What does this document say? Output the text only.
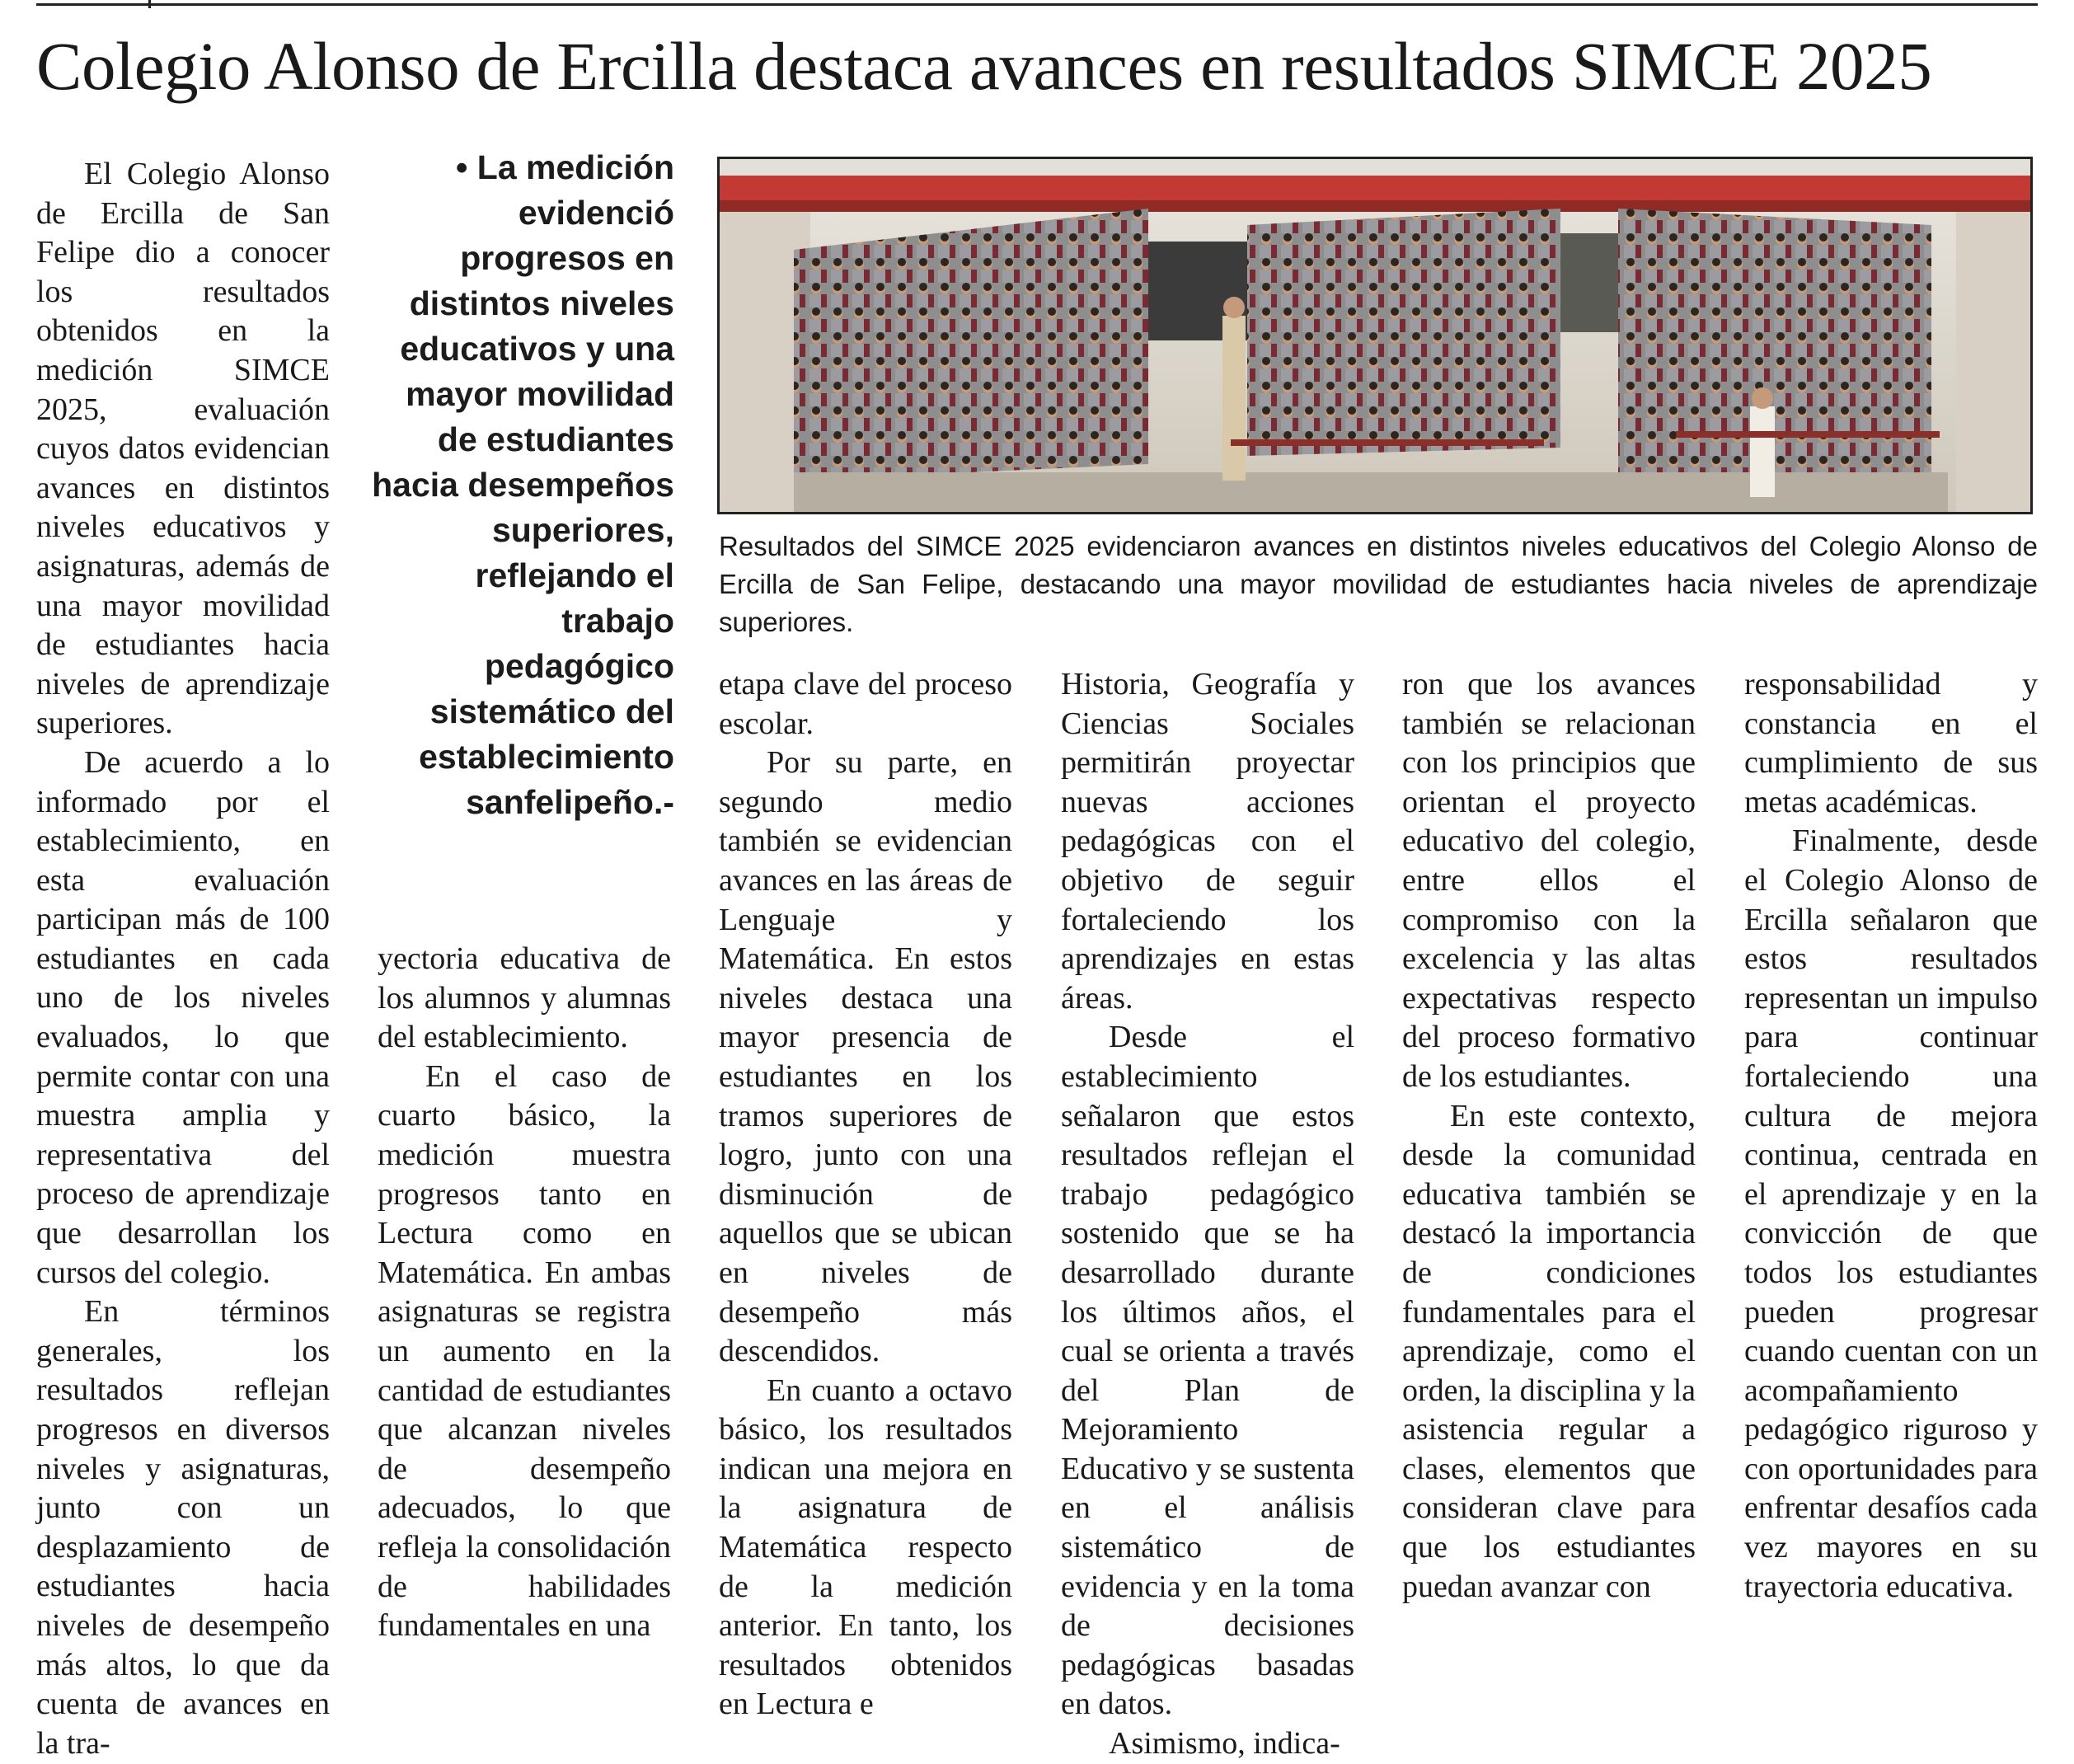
Colegio Alonso de Ercilla destaca avances en resultados SIMCE 2025

El Colegio Alonso de Ercilla de San Felipe dio a conocer los resultados obtenidos en la medición SIMCE 2025, evaluación cuyos datos evidencian avances en distintos niveles educativos y asignaturas, además de una mayor movilidad de estudiantes hacia niveles de aprendizaje superiores.

De acuerdo a lo informado por el establecimiento, en esta evaluación participan más de 100 estudiantes en cada uno de los niveles evaluados, lo que permite contar con una muestra amplia y representativa del proceso de aprendizaje que desarrollan los cursos del colegio.

En términos generales, los resultados reflejan progresos en diversos niveles y asignaturas, junto con un desplazamiento de estudiantes hacia niveles de desempeño más altos, lo que da cuenta de avances en la tra-

• La medición evidenció progresos en distintos niveles educativos y una mayor movilidad de estudiantes hacia desempeños superiores, reflejando el trabajo pedagógico sistemático del establecimiento sanfelipeño.-

yectoria educativa de los alumnos y alumnas del establecimiento.

En el caso de cuarto básico, la medición muestra progresos tanto en Lectura como en Matemática. En ambas asignaturas se registra un aumento en la cantidad de estudiantes que alcanzan niveles de desempeño adecuados, lo que refleja la consolidación de habilidades fundamentales en una

Resultados del SIMCE 2025 evidenciaron avances en distintos niveles educativos del Colegio Alonso de Ercilla de San Felipe, destacando una mayor movilidad de estudiantes hacia niveles de aprendizaje superiores.

etapa clave del proceso escolar.

Por su parte, en segundo medio también se evidencian avances en las áreas de Lenguaje y Matemática. En estos niveles destaca una mayor presencia de estudiantes en los tramos superiores de logro, junto con una disminución de aquellos que se ubican en niveles de desempeño más descendidos.

En cuanto a octavo básico, los resultados indican una mejora en la asignatura de Matemática respecto de la medición anterior. En tanto, los resultados obtenidos en Lectura e

Historia, Geografía y Ciencias Sociales permitirán proyectar nuevas acciones pedagógicas con el objetivo de seguir fortaleciendo los aprendizajes en estas áreas.

Desde el establecimiento señalaron que estos resultados reflejan el trabajo pedagógico sostenido que se ha desarrollado durante los últimos años, el cual se orienta a través del Plan de Mejoramiento Educativo y se sustenta en el análisis sistemático de evidencia y en la toma de decisiones pedagógicas basadas en datos.

Asimismo, indica-

ron que los avances también se relacionan con los principios que orientan el proyecto educativo del colegio, entre ellos el compromiso con la excelencia y las altas expectativas respecto del proceso formativo de los estudiantes.

En este contexto, desde la comunidad educativa también se destacó la importancia de condiciones fundamentales para el aprendizaje, como el orden, la disciplina y la asistencia regular a clases, elementos que consideran clave para que los estudiantes puedan avanzar con

responsabilidad y constancia en el cumplimiento de sus metas académicas.

Finalmente, desde el Colegio Alonso de Ercilla señalaron que estos resultados representan un impulso para continuar fortaleciendo una cultura de mejora continua, centrada en el aprendizaje y en la convicción de que todos los estudiantes pueden progresar cuando cuentan con un acompañamiento pedagógico riguroso y con oportunidades para enfrentar desafíos cada vez mayores en su trayectoria educativa.
